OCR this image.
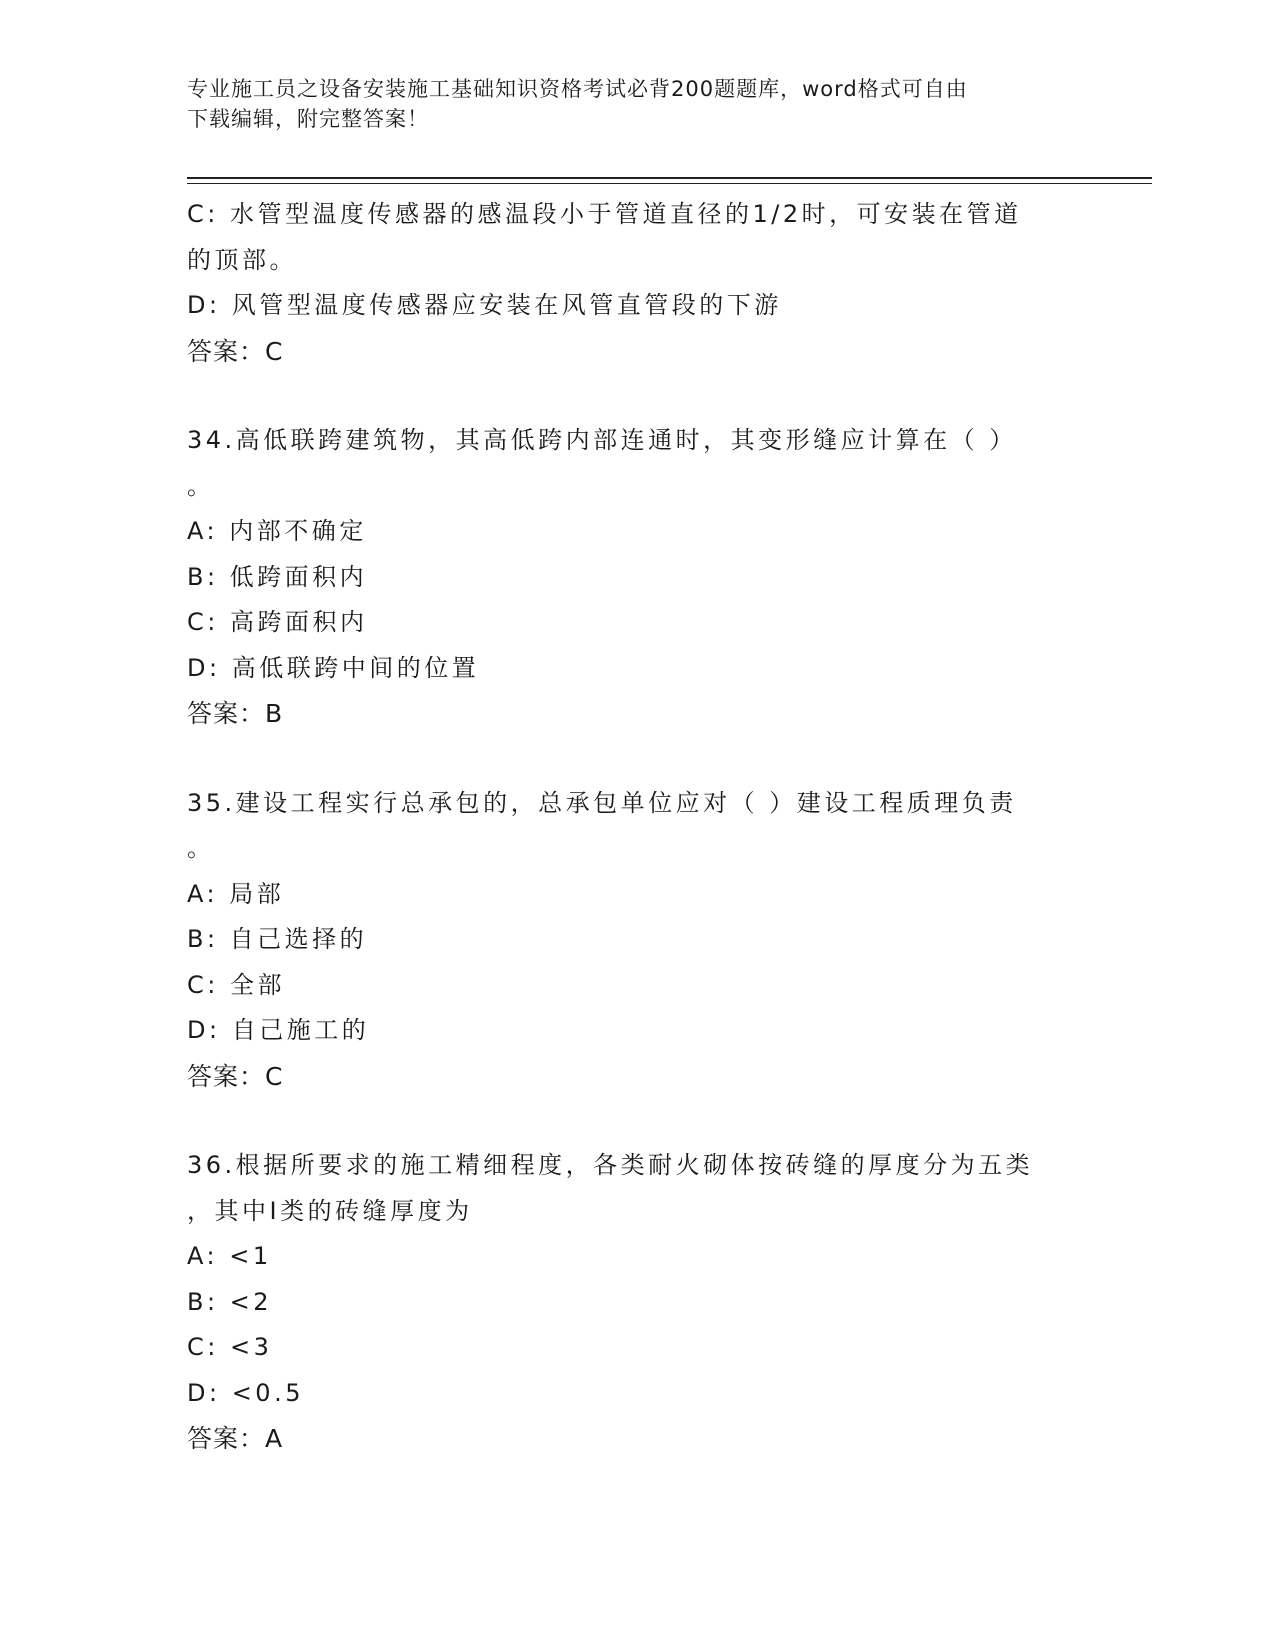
专业施工员之设备安装施工基础知识资格考试必背200题题库，word格式可自由
下载编辑，附完整答案！
C: 水管型温度传感器的感温段小于管道直径的1/2时，可安装在管道
的顶部。
D: 风管型温度传感器应安装在风管直管段的下游
答案：C
34.高低联跨建筑物，其高低跨内部连通时，其变形缝应计算在（ ）
。
A: 内部不确定
B: 低跨面积内
C: 高跨面积内
D: 高低联跨中间的位置
答案：B
35.建设工程实行总承包的，总承包单位应对（ ）建设工程质理负责
。
A: 局部
B: 自己选择的
C: 全部
D: 自己施工的
答案：C
36.根据所要求的施工精细程度，各类耐火砌体按砖缝的厚度分为五类
，其中Ⅰ类的砖缝厚度为
A: <1
B: <2
C: <3
D: <0.5
答案：A
